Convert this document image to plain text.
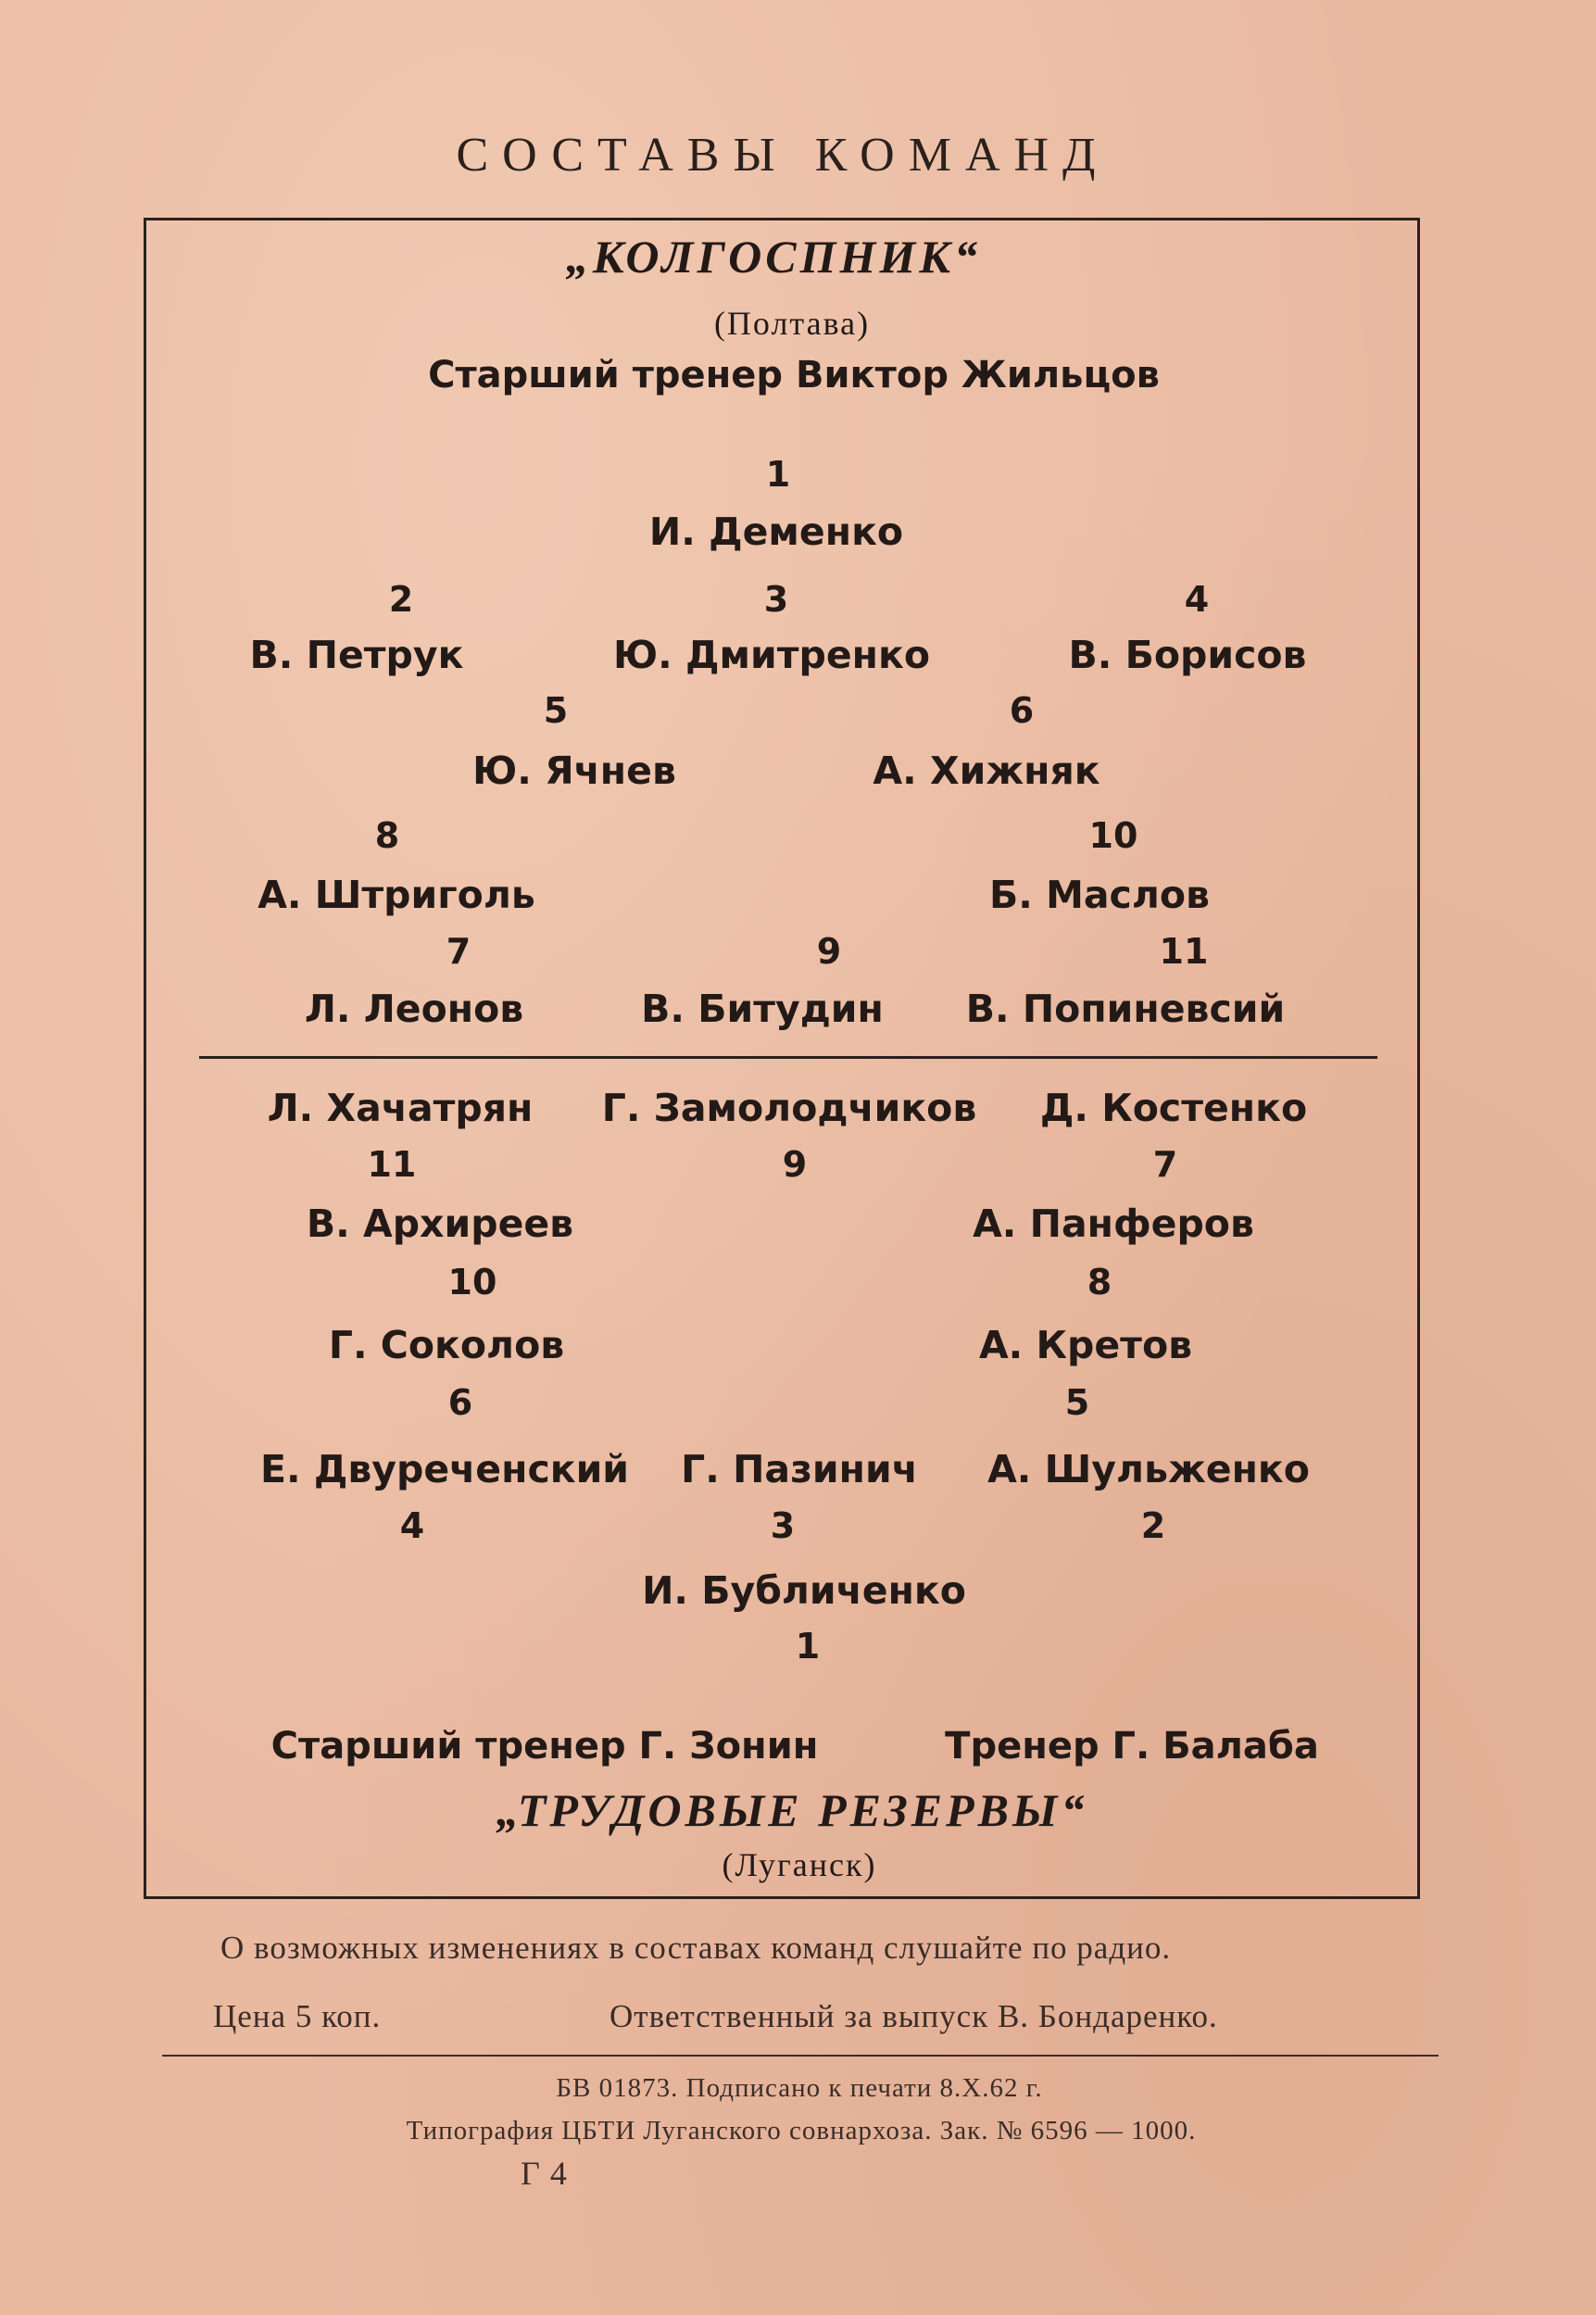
СОСТАВЫ КОМАНД
„КОЛГОСПНИК“
(Полтава)
Старший тренер Виктор Жильцов
1
И. Деменко
2
В. Петрук
3
Ю. Дмитренко
4
В. Борисов
5
Ю. Ячнев
6
А. Хижняк
8
А. Штриголь
10
Б. Маслов
7
Л. Леонов
9
В. Битудин
11
В. Попиневсий
Л. Хачатрян
11
Г. Замолодчиков
9
Д. Костенко
7
В. Архиреев
10
А. Панферов
8
Г. Соколов
6
А. Кретов
5
Е. Двуреченский
4
Г. Пазинич
3
А. Шульженко
2
И. Бубличенко
1
Старший тренер Г. Зонин	Тренер Г. Балаба
„ТРУДОВЫЕ РЕЗЕРВЫ“
(Луганск)
О возможных изменениях в составах команд слушайте по радио.
Цена 5 коп.	Ответственный за выпуск В. Бондаренко.
БВ 01873. Подписано к печати 8.Х.62 г.
Типография ЦБТИ Луганского совнархоза. Зак. № 6596 — 1000.
Г 4
